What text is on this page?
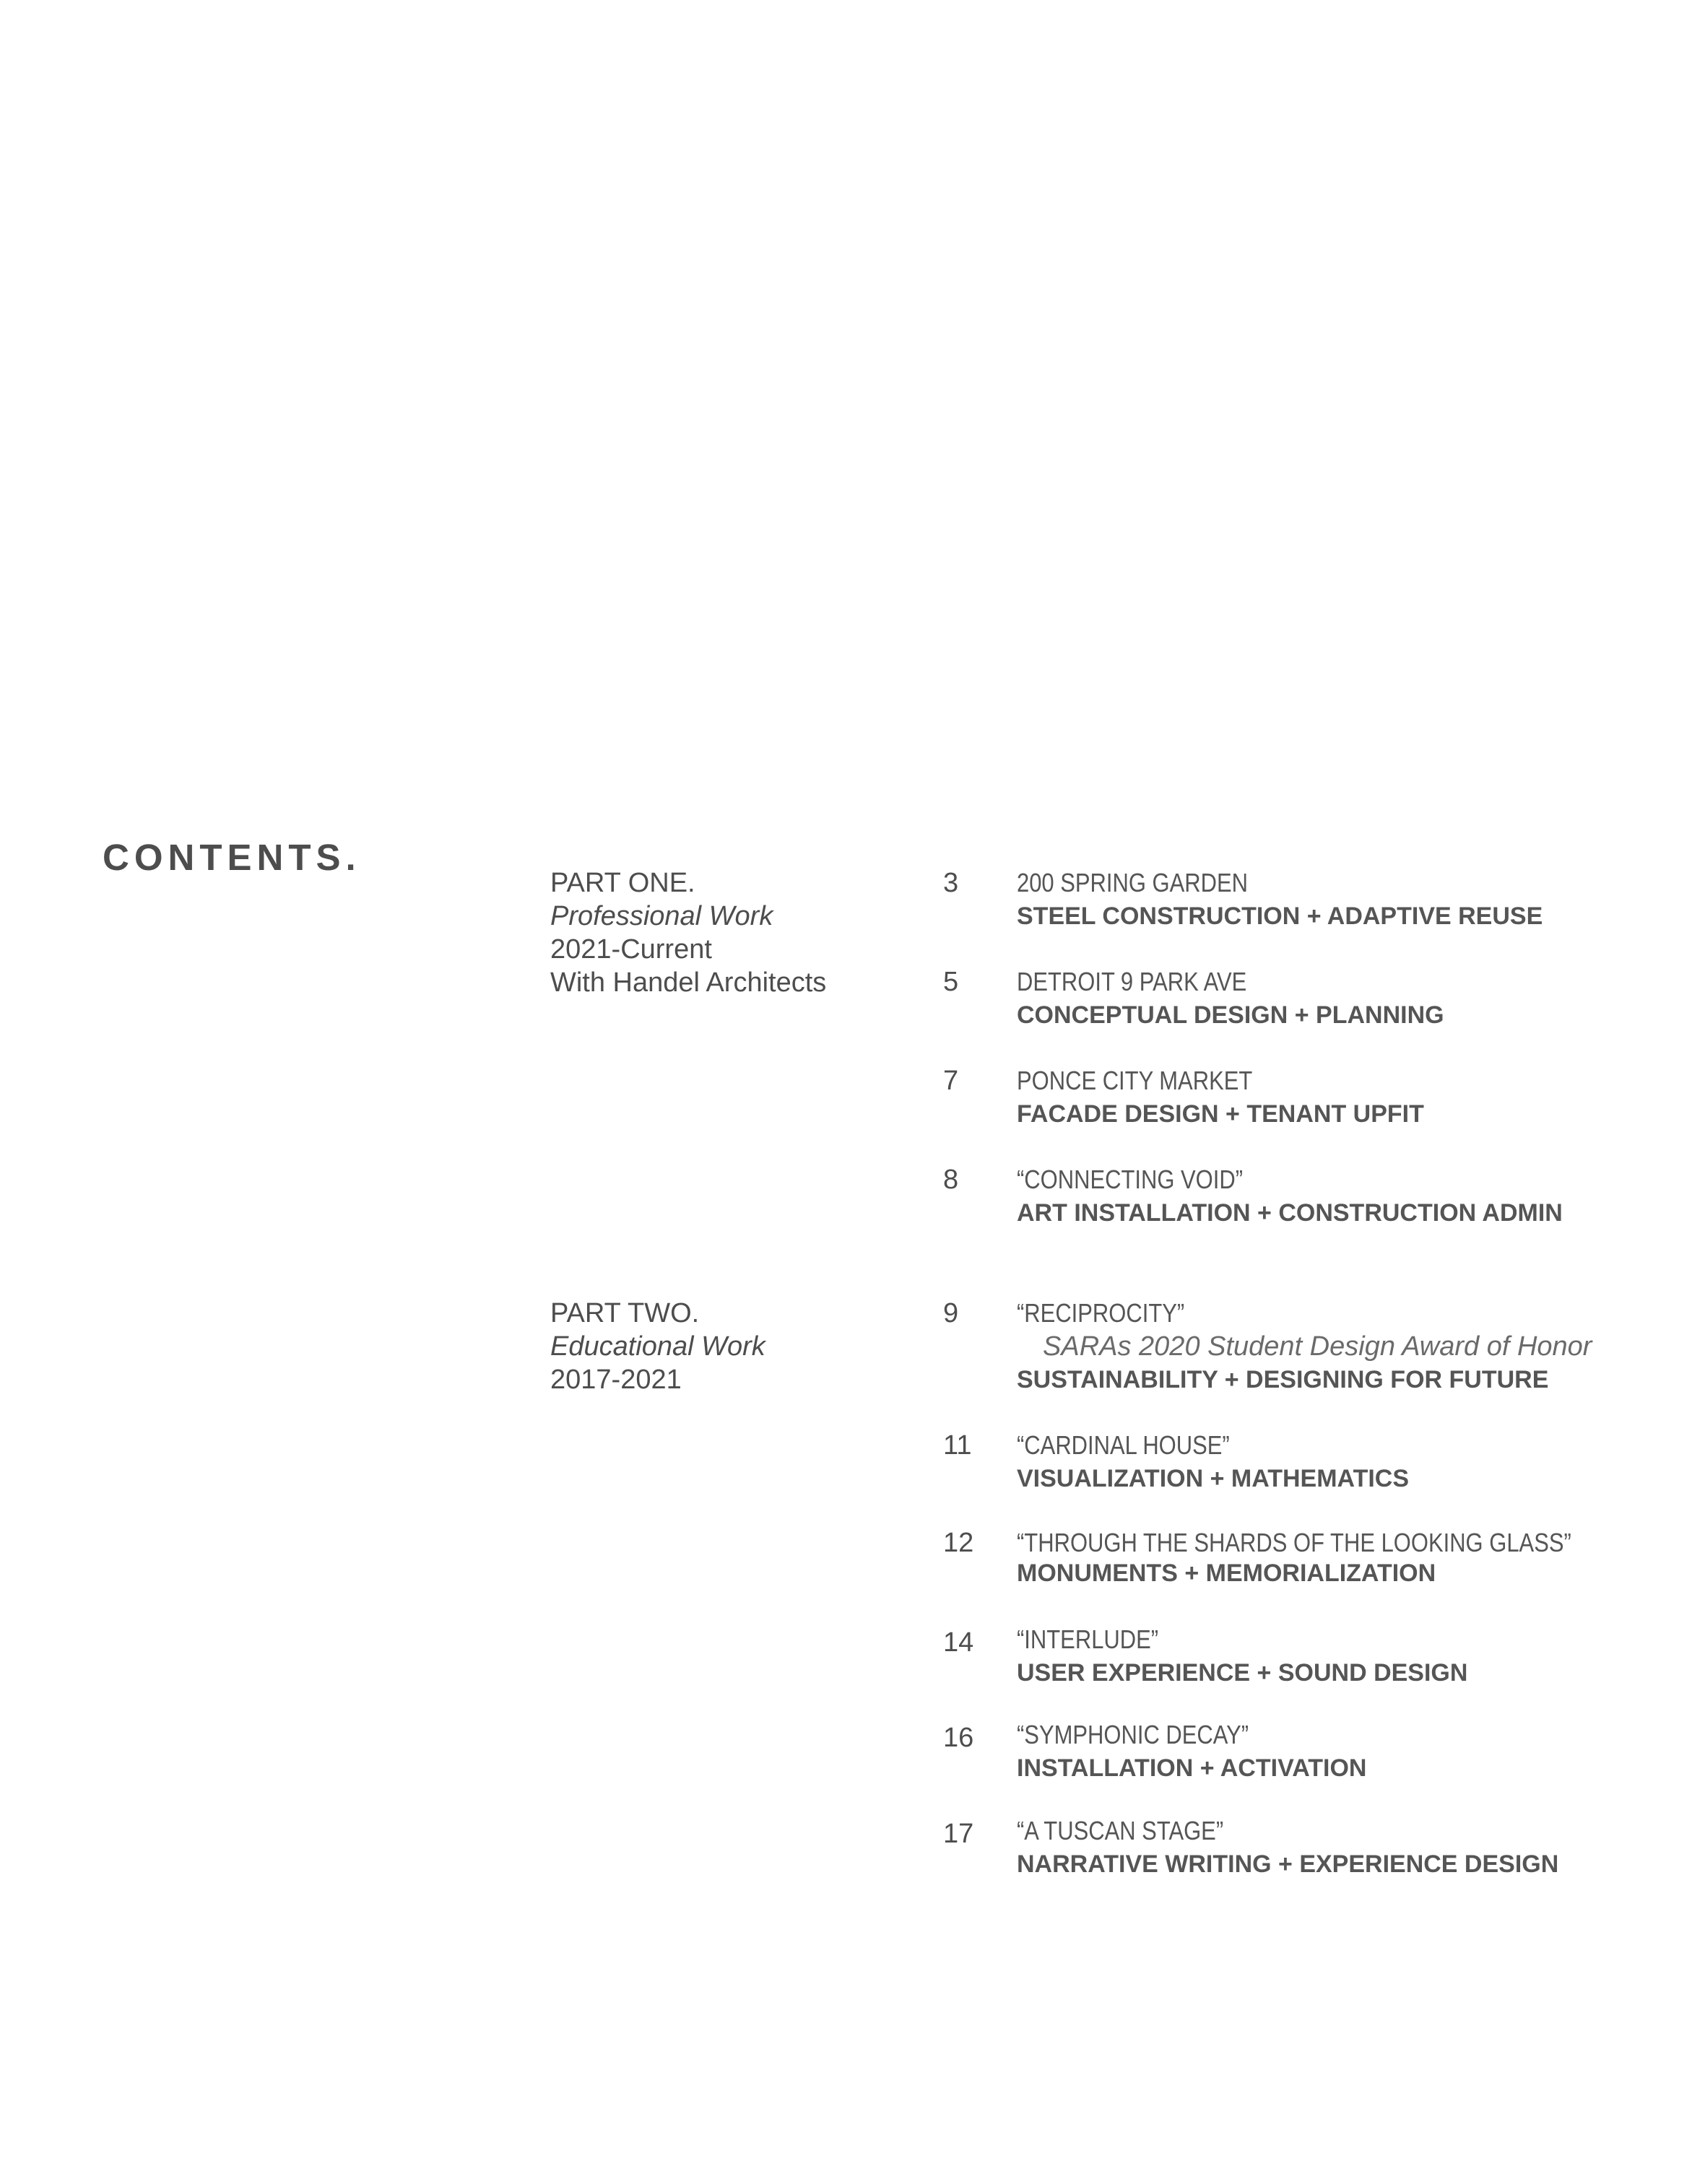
CONTENTS.
PART ONE.
Professional Work
2021-Current
With Handel Architects
PART TWO.
Educational Work
2017-2021
3 200 SPRING GARDEN
STEEL CONSTRUCTION + ADAPTIVE REUSE
5 DETROIT 9 PARK AVE
CONCEPTUAL DESIGN + PLANNING
7 PONCE CITY MARKET
FACADE DESIGN + TENANT UPFIT
8 “CONNECTING VOID”
ART INSTALLATION + CONSTRUCTION ADMIN
9 “RECIPROCITY”
SARAs 2020 Student Design Award of Honor
SUSTAINABILITY + DESIGNING FOR FUTURE
11 “CARDINAL HOUSE”
VISUALIZATION + MATHEMATICS
12 “THROUGH THE SHARDS OF THE LOOKING GLASS”
MONUMENTS + MEMORIALIZATION
14 “INTERLUDE”
USER EXPERIENCE + SOUND DESIGN
16 “SYMPHONIC DECAY”
INSTALLATION + ACTIVATION
17 “A TUSCAN STAGE”
NARRATIVE WRITING + EXPERIENCE DESIGN
